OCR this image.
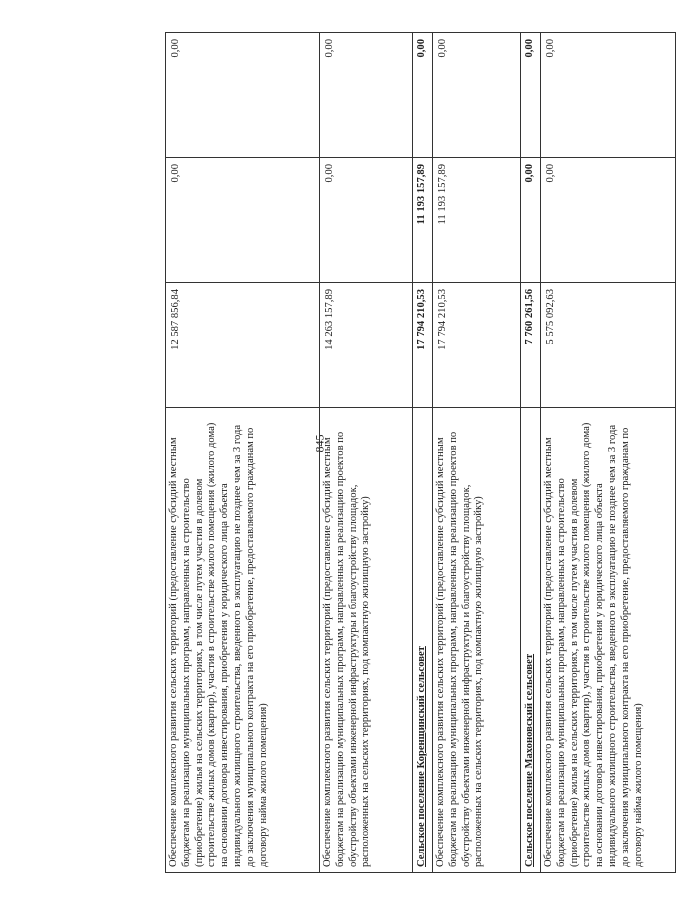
845
Обеспечение комплексного развития сельских территорий (предоставление субсидий местным бюджетам на реализацию муниципальных программ, направленных на строительство (приобретение) жилья на сельских территориях, в том числе путем участия в долевом строительстве жилых домов (квартир), участия в строительстве жилого помещения (жилого дома) на основании договора инвестирования, приобретения у юридического лица объекта индивидуального жилищного строительства, введенного в эксплуатацию не позднее чем за 3 года до заключения муниципального контракта на его приобретение, предоставляемого гражданам по договору найма жилого помещения)	12 587 856,84	0,00	0,00
Обеспечение комплексного развития сельских территорий (предоставление субсидий местным бюджетам на реализацию муниципальных программ, направленных на реализацию проектов по обустройству объектами инженерной инфраструктуры и благоустройству площадок, расположенных на сельских территориях, под компактную жилищную застройку)	14 263 157,89	0,00	0,00
Сельское поселение Коренщинский сельсовет	17 794 210,53	11 193 157,89	0,00
Обеспечение комплексного развития сельских территорий (предоставление субсидий местным бюджетам на реализацию муниципальных программ, направленных на реализацию проектов по обустройству объектами инженерной инфраструктуры и благоустройству площадок, расположенных на сельских территориях, под компактную жилищную застройку)	17 794 210,53	11 193 157,89	0,00
Сельское поселение Махоновский сельсовет	7 760 261,56	0,00	0,00
Обеспечение комплексного развития сельских территорий (предоставление субсидий местным бюджетам на реализацию муниципальных программ, направленных на строительство (приобретение) жилья на сельских территориях, в том числе путем участия в долевом строительстве жилых домов (квартир), участия в строительстве жилого помещения (жилого дома) на основании договора инвестирования, приобретения у юридического лица объекта индивидуального жилищного строительства, введенного в эксплуатацию не позднее чем за 3 года до заключения муниципального контракта на его приобретение, предоставляемого гражданам по договору найма жилого помещения)	5 575 092,63	0,00	0,00
